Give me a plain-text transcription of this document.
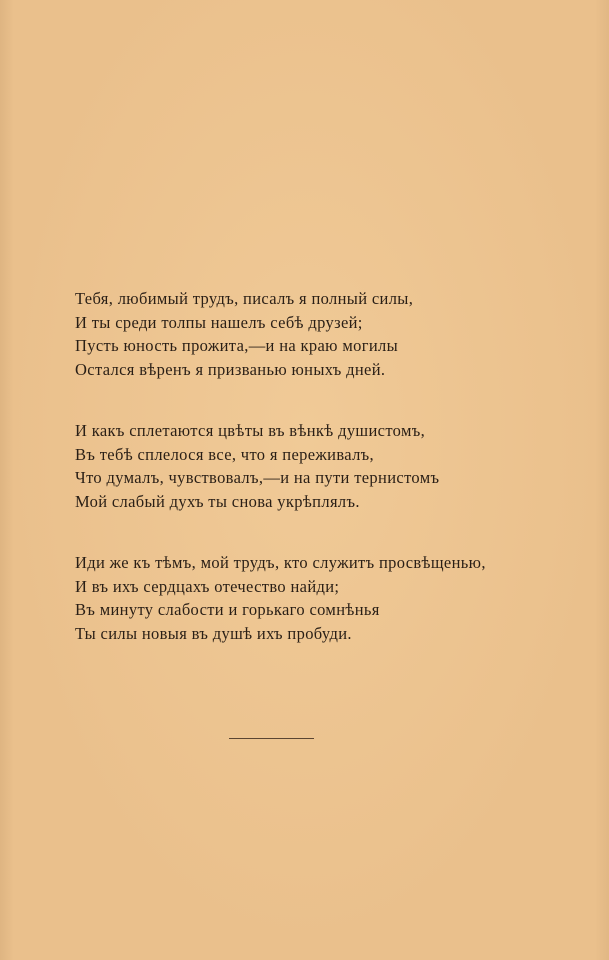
Тебя, любимый трудъ, писалъ я полный силы,
И ты среди толпы нашелъ себѣ друзей;
Пусть юность прожита,—и на краю могилы
Остался вѣренъ я призванью юныхъ дней.
И какъ сплетаются цвѣты въ вѣнкѣ душистомъ,
Въ тебѣ сплелося все, что я переживалъ,
Что думалъ, чувствовалъ,—и на пути тернистомъ
Мой слабый духъ ты снова укрѣплялъ.
Иди же къ тѣмъ, мой трудъ, кто служитъ просвѣщенью,
И въ ихъ сердцахъ отечество найди;
Въ минуту слабости и горькаго сомнѣнья
Ты силы новыя въ душѣ ихъ пробуди.
